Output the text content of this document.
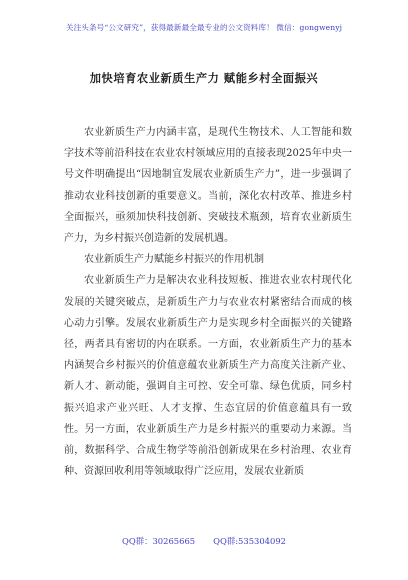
关注头条号“公文研究”，获得最新最全最专业的公文资料库！ 微信：gongwenyj
加快培育农业新质生产力 赋能乡村全面振兴

农业新质生产力内涵丰富，是现代生物技术、人工智能和数字技术等前沿科技在农业农村领域应用的直接表现2025年中央一号文件明确提出“因地制宜发展农业新质生产力”，进一步强调了推动农业科技创新的重要意义。当前，深化农村改革、推进乡村全面振兴，亟须加快科技创新、突破技术瓶颈，培育农业新质生产力，为乡村振兴创造新的发展机遇。

农业新质生产力赋能乡村振兴的作用机制

农业新质生产力是解决农业科技短板、推进农业农村现代化发展的关键突破点，是新质生产力与农业农村紧密结合而成的核心动力引擎。发展农业新质生产力是实现乡村全面振兴的关键路径，两者具有密切的内在联系。一方面，农业新质生产力的基本内涵契合乡村振兴的价值意蕴农业新质生产力高度关注新产业、新人才、新动能，强调自主可控、安全可靠、绿色优质，同乡村振兴追求产业兴旺、人才支撑、生态宜居的价值意蕴具有一致性。另一方面，农业新质生产力是乡村振兴的重要动力来源。当前，数据科学、合成生物学等前沿创新成果在乡村治理、农业育种、资源回收利用等领域取得广泛应用，发展农业新质

QQ群：30265665 QQ群:535304092
